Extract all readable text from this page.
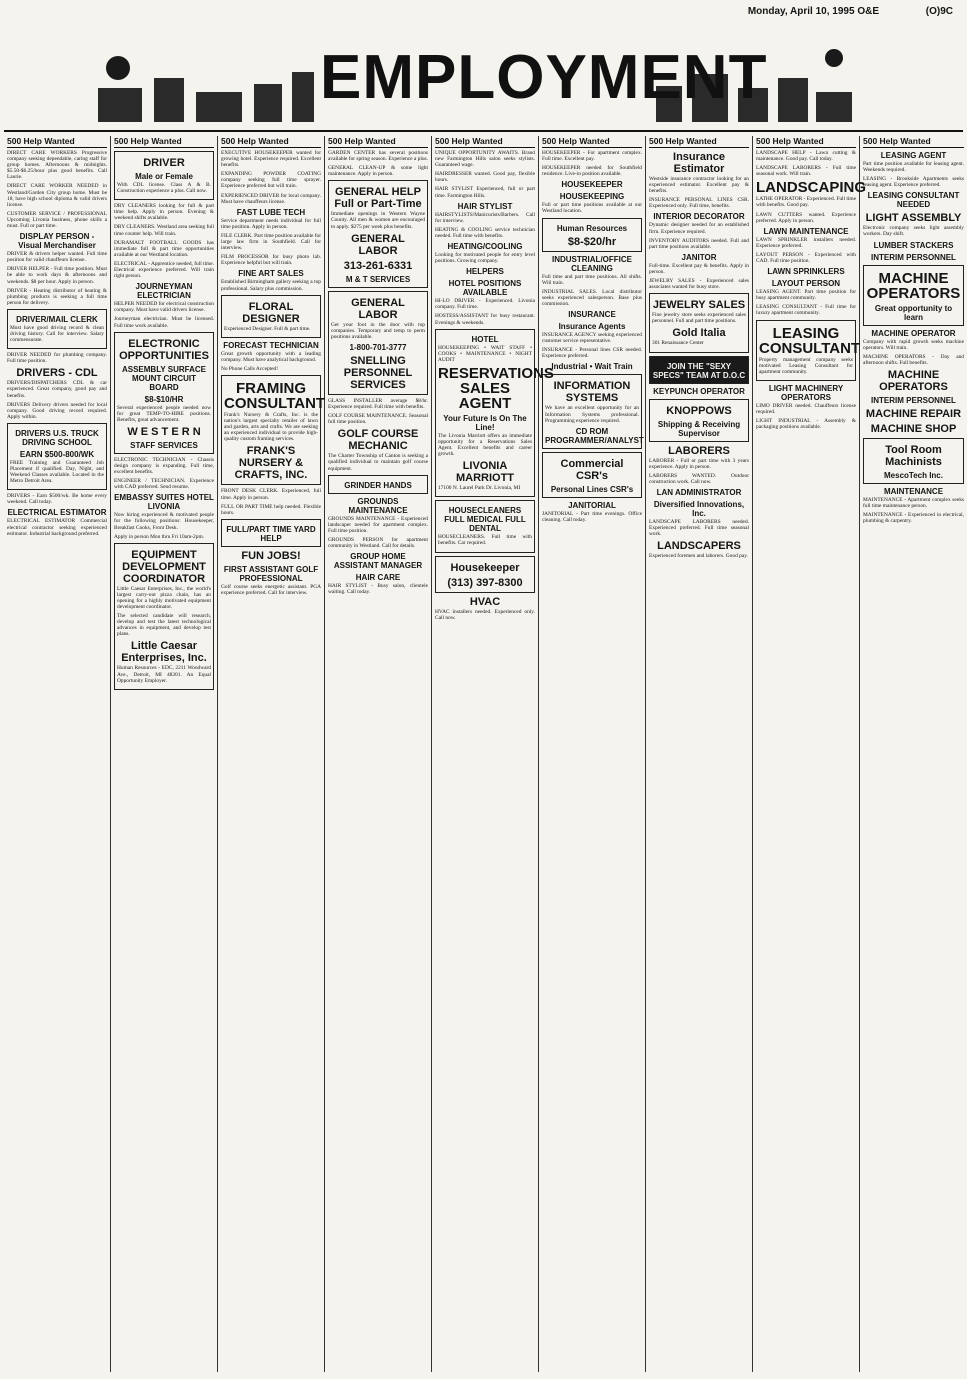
Monday, April 10, 1995 O&E	(O)9C
EMPLOYMENT
500 Help Wanted

DIRECT CARE WORKERS Progressive company seeking dependable, caring staff for group homes. Afternoons & midnights. $5.50-$6.25/hour plus good benefits. Call Laurie.

DIRECT CARE WORKER NEEDED in Westland/Garden City group home. Must be 18, have high school diploma & valid drivers license.

CUSTOMER SERVICE / PROFESSIONAL Upcoming Livonia business, phone skills a must. Full or part time.

DISPLAY PERSON - Visual Merchandiser

DRIVER & drivers helper wanted. Full time position for valid chauffeurs license.

DRIVER HELPER - Full time position. Must be able to work days & afternoons and weekends. $8 per hour. Apply in person.

DRIVER - Heating distributor of heating & plumbing products is seeking a full time person for delivery.

DRIVER/MAIL CLERK

Must have good driving record & clean driving history. Call for interview. Salary commensurate.

DRIVER NEEDED for plumbing company. Full time position.

DRIVERS - CDL

DRIVERS/DISPATCHERS CDL & car experienced. Great company, good pay and benefits.

DRIVERS Delivery drivers needed for local company. Good driving record required. Apply within.

DRIVERS U.S. TRUCK DRIVING SCHOOL
EARN $500-800/WK

FREE Training and Guaranteed Job Placement if qualified. Day, Night, and Weekend Classes available. Located in the Metro Detroit Area.

DRIVERS - Earn $500/wk. Be home every weekend. Call today.

ELECTRICAL ESTIMATOR

ELECTRICAL ESTIMATOR Commercial electrical contractor seeking experienced estimator. Industrial background preferred.

500 Help Wanted
DRIVER
Male or Female

With CDL license. Class A & B. Construction experience a plus. Call now.

DRY CLEANERS looking for full & part time help. Apply in person. Evening & weekend shifts available.

DRY CLEANERS. Westland area seeking full time counter help. Will train.

DURAMALT FOOTBALL GOODS has immediate full & part time opportunities available at our Westland location.

ELECTRICAL - Apprentice needed, full time. Electrical experience preferred. Will train right person.

JOURNEYMAN ELECTRICIAN

HELPER NEEDED for electrical construction company. Must have valid drivers license.

Journeyman electrician. Must be licensed. Full time work available.

ELECTRONIC OPPORTUNITIES
ASSEMBLY SURFACE MOUNT CIRCUIT BOARD
$8-$10/HR

Several experienced people needed now for great TEMP-TO-HIRE positions. Benefits, great advancement.

W E S T E R N
STAFF SERVICES

ELECTRONIC TECHNICIAN - Chassis design company is expanding. Full time, excellent benefits.

ENGINEER / TECHNICIAN. Experience with CAD preferred. Send resume.

EMBASSY SUITES HOTEL LIVONIA

Now hiring experienced & motivated people for the following positions: Housekeeper, Breakfast Cooks, Front Desk.

Apply in person Mon thru Fri 10am-2pm.

EQUIPMENT DEVELOPMENT COORDINATOR

Little Caesar Enterprises, Inc., the world's largest carry-out pizza chain, has an opening for a highly motivated equipment development coordinator.

The selected candidate will research, develop and test the latest technological advances in equipment, and develop test plans.

Little Caesar Enterprises, Inc.

Human Resources - EDC, 2211 Woodward Ave., Detroit, MI 48201. An Equal Opportunity Employer.

500 Help Wanted

EXECUTIVE HOUSEKEEPER wanted for growing hotel. Experience required. Excellent benefits.

EXPANDING POWDER COATING company seeking full time sprayer. Experience preferred but will train.

EXPERIENCED DRIVER for local company. Must have chauffeurs license.

FAST LUBE TECH

Service department needs individual for full time position. Apply in person.

FILE CLERK. Part time position available for large law firm in Southfield. Call for interview.

FILM PROCESSOR for busy photo lab. Experience helpful but will train.

FINE ART SALES

Established Birmingham gallery seeking a top professional. Salary plus commission.

FLORAL DESIGNER

Experienced Designer. Full & part time.

FORECAST TECHNICIAN

Great growth opportunity with a leading company. Must have analytical background.

No Phone Calls Accepted!

FRAMING CONSULTANT

Frank's Nursery & Crafts, Inc. is the nation's largest specialty retailer of lawn and garden, arts and crafts. We are seeking an experienced individual to provide high-quality custom framing services.

FRANK'S NURSERY & CRAFTS, INC.

FRONT DESK CLERK. Experienced, full time. Apply in person.

FULL OR PART TIME help needed. Flexible hours.

FULL/PART TIME YARD HELP
FUN JOBS!
FIRST ASSISTANT GOLF PROFESSIONAL

Golf course seeks energetic assistant. PGA experience preferred. Call for interview.

500 Help Wanted

GARDEN CENTER has several positions available for spring season. Experience a plus.

GENERAL CLEAN-UP & some light maintenance. Apply in person.

GENERAL HELP Full or Part-Time

Immediate openings in Western Wayne County. All men & women are encouraged to apply. $275 per week plus benefits.

GENERAL LABOR
313-261-6331
M & T SERVICES
GENERAL LABOR

Get your foot in the door with top companies. Temporary and temp to perm positions available.

1-800-701-3777
SNELLING PERSONNEL SERVICES

GLASS INSTALLER average $8/hr. Experience required. Full time with benefits.

GOLF COURSE MAINTENANCE. Seasonal full time position.

GOLF COURSE MECHANIC

The Charter Township of Canton is seeking a qualified individual to maintain golf course equipment.

GRINDER HANDS
GROUNDS MAINTENANCE

GROUNDS MAINTENANCE - Experienced landscaper needed for apartment complex. Full time position.

GROUNDS PERSON for apartment community in Westland. Call for details.

GROUP HOME ASSISTANT MANAGER
HAIR CARE

HAIR STYLIST - Busy salon, clientele waiting. Call today.

500 Help Wanted

UNIQUE OPPORTUNITY AWAITS. Brand new Farmington Hills salon seeks stylists. Guaranteed wage.

HAIRDRESSER wanted. Good pay, flexible hours.

HAIR STYLIST Experienced, full or part time. Farmington Hills.

HAIR STYLIST

HAIRSTYLISTS/Manicurists/Barbers. Call for interview.

HEATING & COOLING service technician needed. Full time with benefits.

HEATING/COOLING

Looking for motivated people for entry level positions. Growing company.

HELPERS
HOTEL POSITIONS AVAILABLE

HI-LO DRIVER - Experienced. Livonia company. Full time.

HOSTESS/ASSISTANT for busy restaurant. Evenings & weekends.

HOTEL

HOUSEKEEPING • WAIT STAFF • COOKS • MAINTENANCE • NIGHT AUDIT

RESERVATIONS SALES AGENT
Your Future Is On The Line!

The Livonia Marriott offers an immediate opportunity for a Reservations Sales Agent. Excellent benefits and career growth.

LIVONIA MARRIOTT

17100 N. Laurel Park Dr. Livonia, MI

HOUSECLEANERS FULL MEDICAL FULL DENTAL

HOUSECLEANERS. Full time with benefits. Car required.

Housekeeper
(313) 397-8300
HVAC

HVAC installers needed. Experienced only. Call now.

500 Help Wanted

HOUSEKEEPER - For apartment complex. Full time. Excellent pay.

HOUSEKEEPER needed for Southfield residence. Live-in position available.

HOUSEKEEPER
HOUSEKEEPING

Full or part time positions available at our Westland location.

Human Resources
$8-$20/hr
INDUSTRIAL/OFFICE CLEANING

Full time and part time positions. All shifts. Will train.

INDUSTRIAL SALES. Local distributor seeks experienced salesperson. Base plus commission.

INSURANCE
Insurance Agents

INSURANCE AGENCY seeking experienced customer service representative.

INSURANCE - Personal lines CSR needed. Experience preferred.

Industrial • Wait Train
INFORMATION SYSTEMS

We have an excellent opportunity for an Information Systems professional. Programming experience required.

CD ROM PROGRAMMER/ANALYST
Commercial CSR's
Personal Lines CSR's
JANITORIAL

JANITORIAL - Part time evenings. Office cleaning. Call today.

500 Help Wanted
Insurance Estimator

Westside insurance contractor looking for an experienced estimator. Excellent pay & benefits.

INSURANCE PERSONAL LINES CSR. Experienced only. Full time, benefits.

INTERIOR DECORATOR

Dynamic designer needed for an established firm. Experience required.

INVENTORY AUDITORS needed. Full and part time positions available.

JANITOR

Full-time. Excellent pay & benefits. Apply in person.

JEWELRY SALES - Experienced sales associates wanted for busy store.

JEWELRY SALES

Fine jewelry store seeks experienced sales personnel. Full and part time positions.

Gold Italia

301 Renaissance Center

JOIN THE "SEXY SPECS" TEAM AT D.O.C
KEYPUNCH OPERATOR
KNOPPOWS
Shipping & Receiving Supervisor
LABORERS

LABORER - Full or part time with 3 years experience. Apply in person.

LABORERS WANTED. Outdoor construction work. Call now.

LAN ADMINISTRATOR
Diversified Innovations, Inc.

LANDSCAPE LABORERS needed. Experienced preferred. Full time seasonal work.

LANDSCAPERS

Experienced foremen and laborers. Good pay.

500 Help Wanted

LANDSCAPE HELP - Lawn cutting & maintenance. Good pay. Call today.

LANDSCAPE LABORERS - Full time seasonal work. Will train.

LANDSCAPING

LATHE OPERATOR - Experienced. Full time with benefits. Good pay.

LAWN CUTTERS wanted. Experience preferred. Apply in person.

LAWN MAINTENANCE

LAWN SPRINKLER installers needed. Experience preferred.

LAYOUT PERSON - Experienced with CAD. Full time position.

LAWN SPRINKLERS
LAYOUT PERSON

LEASING AGENT. Part time position for busy apartment community.

LEASING CONSULTANT - Full time for luxury apartment community.

LEASING CONSULTANT

Property management company seeks motivated Leasing Consultant for apartment community.

LIGHT MACHINERY OPERATORS

LIMO DRIVER needed. Chauffeurs license required.

LIGHT INDUSTRIAL - Assembly & packaging positions available.

500 Help Wanted
LEASING AGENT

Part time position available for leasing agent. Weekends required.

LEASING - Brookside Apartments seeks leasing agent. Experience preferred.

LEASING CONSULTANT NEEDED
LIGHT ASSEMBLY

Electronic company seeks light assembly workers. Day shift.

LUMBER STACKERS
INTERIM PERSONNEL
MACHINE OPERATORS
Great opportunity to learn
MACHINE OPERATOR

Company with rapid growth seeks machine operators. Will train.

MACHINE OPERATORS - Day and afternoon shifts. Full benefits.

MACHINE OPERATORS
INTERIM PERSONNEL
MACHINE REPAIR
MACHINE SHOP
Tool Room Machinists
MescoTech Inc.
MAINTENANCE

MAINTENANCE - Apartment complex seeks full time maintenance person.

MAINTENANCE - Experienced in electrical, plumbing & carpentry.
